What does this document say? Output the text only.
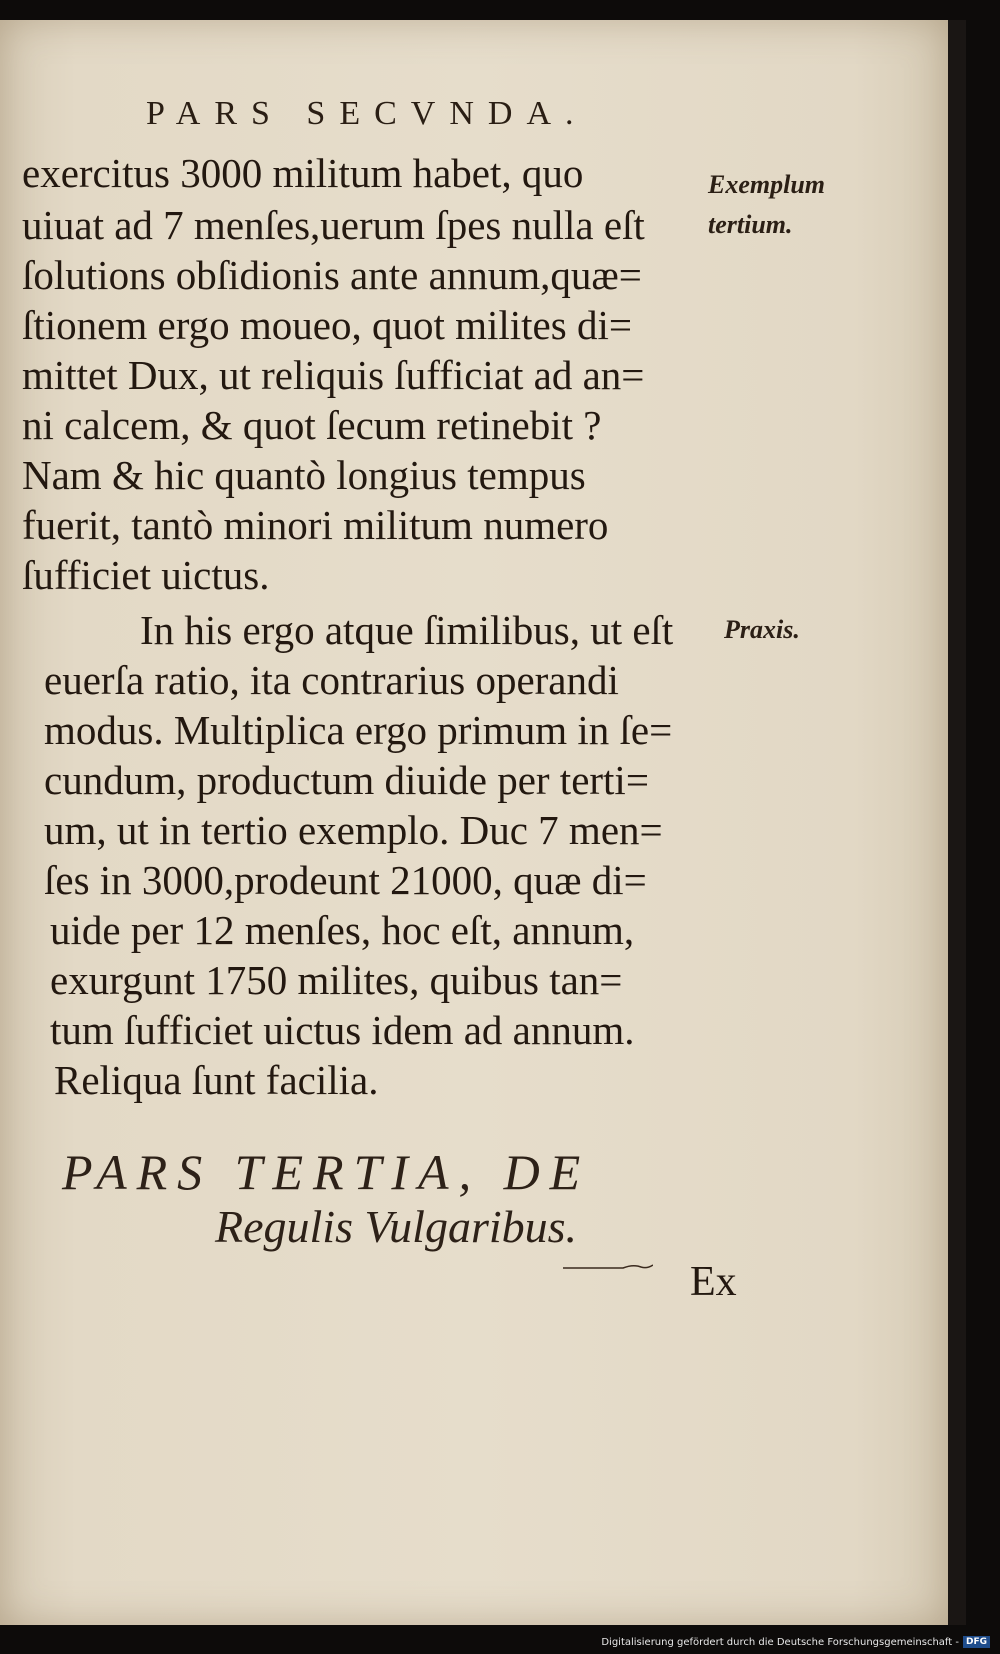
PARS SECVNDA.
exercitus 3000 militum habet, quo
uiuat ad 7 menſes,uerum ſpes nulla eſt
ſolutions obſidionis ante annum,quæ=
ſtionem ergo moueo, quot milites di=
mittet Dux, ut reliquis ſufficiat ad an=
ni calcem, & quot ſecum retinebit ?
Nam & hic quantò longius tempus
fuerit, tantò minori militum numero
ſufficiet uictus.
In his ergo atque ſimilibus, ut eſt
euerſa ratio, ita contrarius operandi
modus. Multiplica ergo primum in ſe=
cundum, productum diuide per terti=
um, ut in tertio exemplo. Duc 7 men=
ſes in 3000,prodeunt 21000, quæ di=
uide per 12 menſes, hoc eſt, annum,
exurgunt 1750 milites, quibus tan=
tum ſufficiet uictus idem ad annum.
Reliqua ſunt facilia.
Exemplum
tertium.
Praxis.
PARS TERTIA, DE
Regulis Vulgaribus.
Ex
Digitalisierung gefördert durch die Deutsche Forschungsgemeinschaft - DFG
